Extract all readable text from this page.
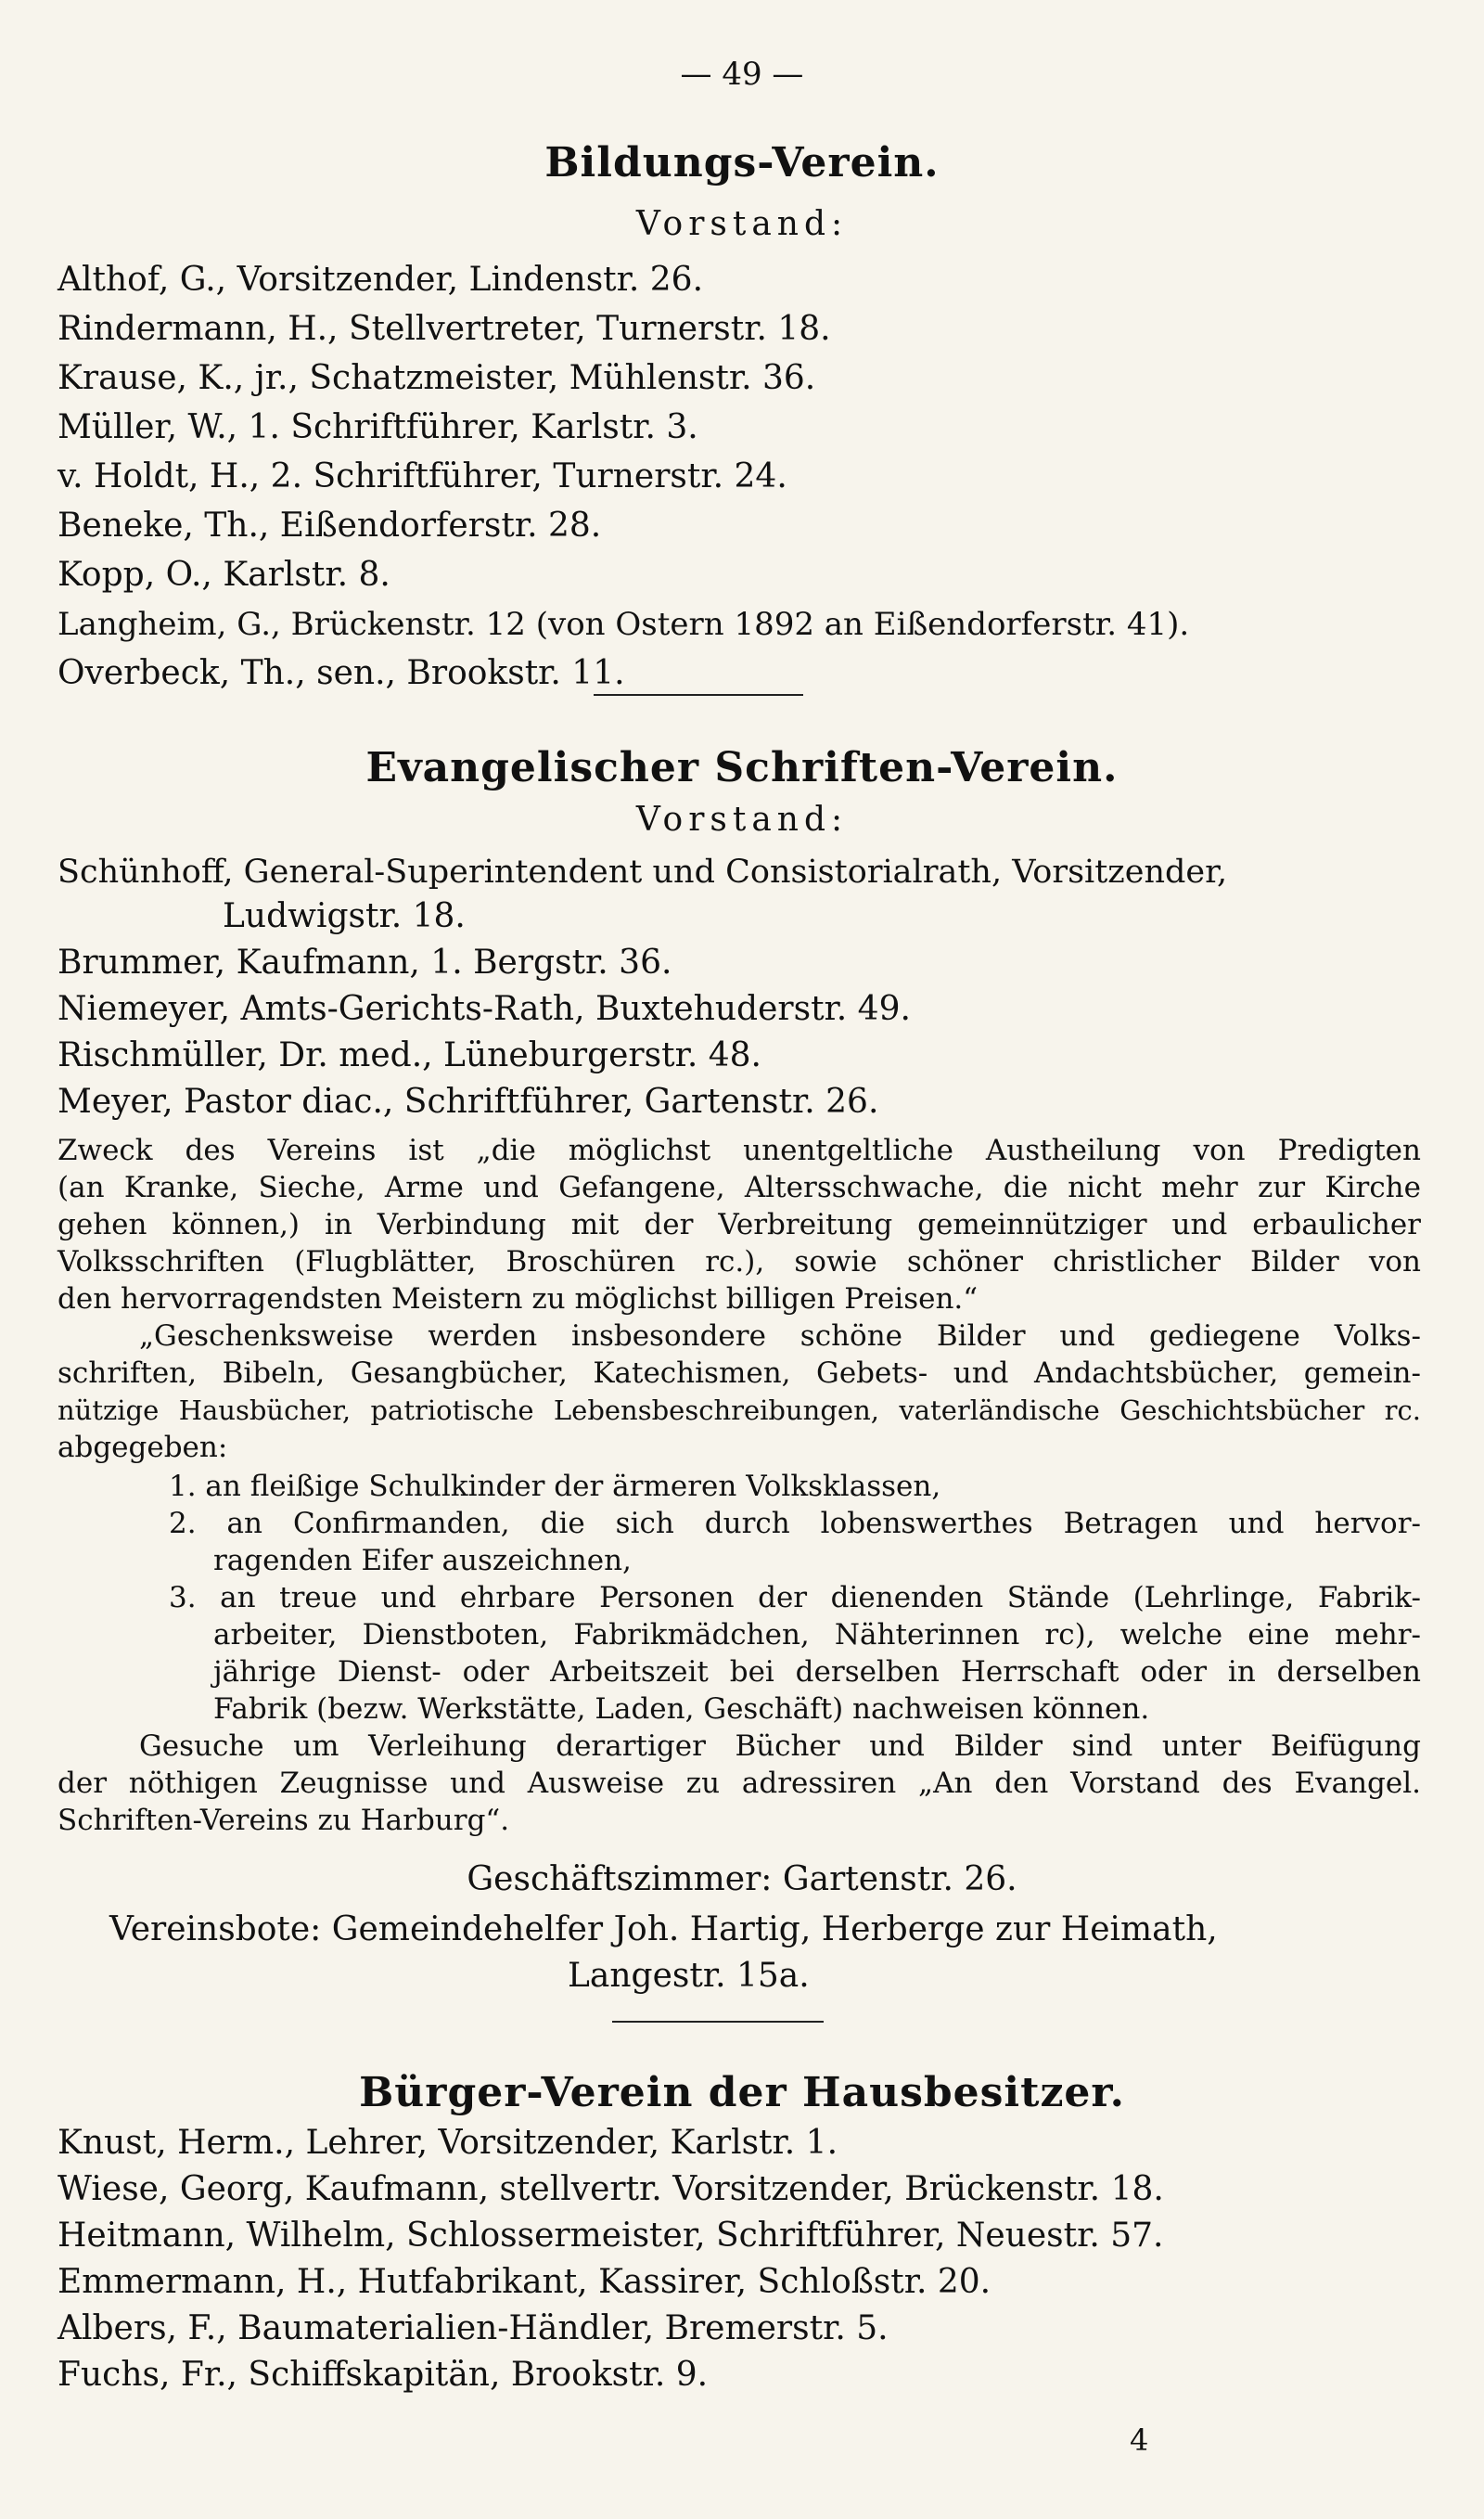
— 49 —
Bildungs-Verein.
Vorstand:
Althof, G., Vorsitzender, Lindenstr. 26.
Rindermann, H., Stellvertreter, Turnerstr. 18.
Krause, K., jr., Schatzmeister, Mühlenstr. 36.
Müller, W., 1. Schriftführer, Karlstr. 3.
v. Holdt, H., 2. Schriftführer, Turnerstr. 24.
Beneke, Th., Eißendorferstr. 28.
Kopp, O., Karlstr. 8.
Langheim, G., Brückenstr. 12 (von Ostern 1892 an Eißendorferstr. 41).
Overbeck, Th., sen., Brookstr. 11.
Evangelischer Schriften-Verein.
Vorstand:
Schünhoff, General-Superintendent und Consistorialrath, Vorsitzender,
Ludwigstr. 18.
Brummer, Kaufmann, 1. Bergstr. 36.
Niemeyer, Amts-Gerichts-Rath, Buxtehuderstr. 49.
Rischmüller, Dr. med., Lüneburgerstr. 48.
Meyer, Pastor diac., Schriftführer, Gartenstr. 26.
Zweck des Vereins ist „die möglichst unentgeltliche Austheilung von Predigten
(an Kranke, Sieche, Arme und Gefangene, Altersschwache, die nicht mehr zur Kirche
gehen können,) in Verbindung mit der Verbreitung gemeinnütziger und erbaulicher
Volksschriften (Flugblätter, Broschüren rc.), sowie schöner christlicher Bilder von
den hervorragendsten Meistern zu möglichst billigen Preisen.“
„Geschenksweise werden insbesondere schöne Bilder und gediegene Volks-
schriften, Bibeln, Gesangbücher, Katechismen, Gebets- und Andachtsbücher, gemein-
nützige Hausbücher, patriotische Lebensbeschreibungen, vaterländische Geschichtsbücher rc.
abgegeben:
1. an fleißige Schulkinder der ärmeren Volksklassen,
2. an Confirmanden, die sich durch lobenswerthes Betragen und hervor-
ragenden Eifer auszeichnen,
3. an treue und ehrbare Personen der dienenden Stände (Lehrlinge, Fabrik-
arbeiter, Dienstboten, Fabrikmädchen, Nähterinnen rc), welche eine mehr-
jährige Dienst- oder Arbeitszeit bei derselben Herrschaft oder in derselben
Fabrik (bezw. Werkstätte, Laden, Geschäft) nachweisen können.
Gesuche um Verleihung derartiger Bücher und Bilder sind unter Beifügung
der nöthigen Zeugnisse und Ausweise zu adressiren „An den Vorstand des Evangel.
Schriften-Vereins zu Harburg“.
Geschäftszimmer: Gartenstr. 26.
Vereinsbote: Gemeindehelfer Joh. Hartig, Herberge zur Heimath,
Langestr. 15a.
Bürger-Verein der Hausbesitzer.
Knust, Herm., Lehrer, Vorsitzender, Karlstr. 1.
Wiese, Georg, Kaufmann, stellvertr. Vorsitzender, Brückenstr. 18.
Heitmann, Wilhelm, Schlossermeister, Schriftführer, Neuestr. 57.
Emmermann, H., Hutfabrikant, Kassirer, Schloßstr. 20.
Albers, F., Baumaterialien-Händler, Bremerstr. 5.
Fuchs, Fr., Schiffskapitän, Brookstr. 9.
4
